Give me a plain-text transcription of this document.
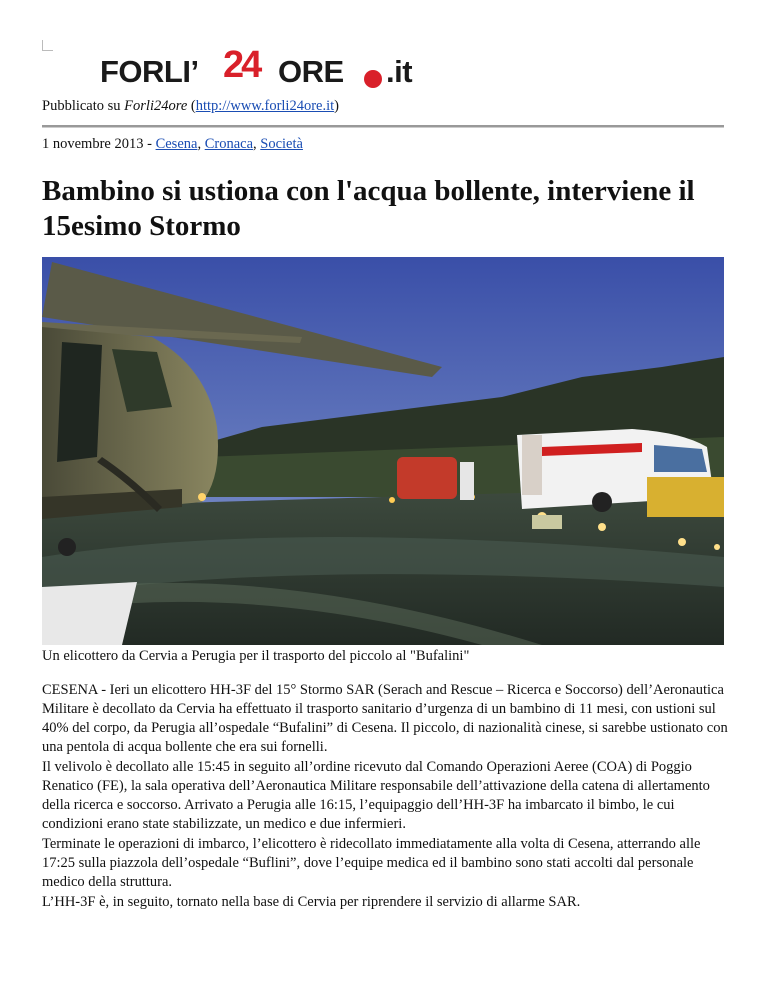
FORLI’ 24 ORE .it
Pubblicato su Forli24ore (http://www.forli24ore.it)
1 novembre 2013 - Cesena, Cronaca, Società
Bambino si ustiona con l'acqua bollente, interviene il 15esimo Stormo
Un elicottero da Cervia a Perugia per il trasporto del piccolo al "Bufalini"

CESENA - Ieri un elicottero HH-3F del 15° Stormo SAR (Serach and Rescue – Ricerca e Soccorso) dell’Aeronautica Militare è decollato da Cervia ha effettuato il trasporto sanitario d’urgenza di un bambino di 11 mesi, con ustioni sul 40% del corpo, da Perugia all’ospedale “Bufalini” di Cesena. Il piccolo, di nazionalità cinese, si sarebbe ustionato con una pentola di acqua bollente che era sui fornelli.

Il velivolo è decollato alle 15:45 in seguito all’ordine ricevuto dal Comando Operazioni Aeree (COA) di Poggio Renatico (FE), la sala operativa dell’Aeronautica Militare responsabile dell’attivazione della catena di allertamento della ricerca e soccorso. Arrivato a Perugia alle 16:15, l’equipaggio dell’HH-3F ha imbarcato il bimbo, le cui condizioni erano state stabilizzate, un medico e due infermieri.

Terminate le operazioni di imbarco, l’elicottero è ridecollato immediatamente alla volta di Cesena, atterrando alle 17:25 sulla piazzola dell’ospedale “Buflini”, dove l’equipe medica ed il bambino sono stati accolti dal personale medico della struttura.

L’HH-3F è, in seguito, tornato nella base di Cervia per riprendere il servizio di allarme SAR.
